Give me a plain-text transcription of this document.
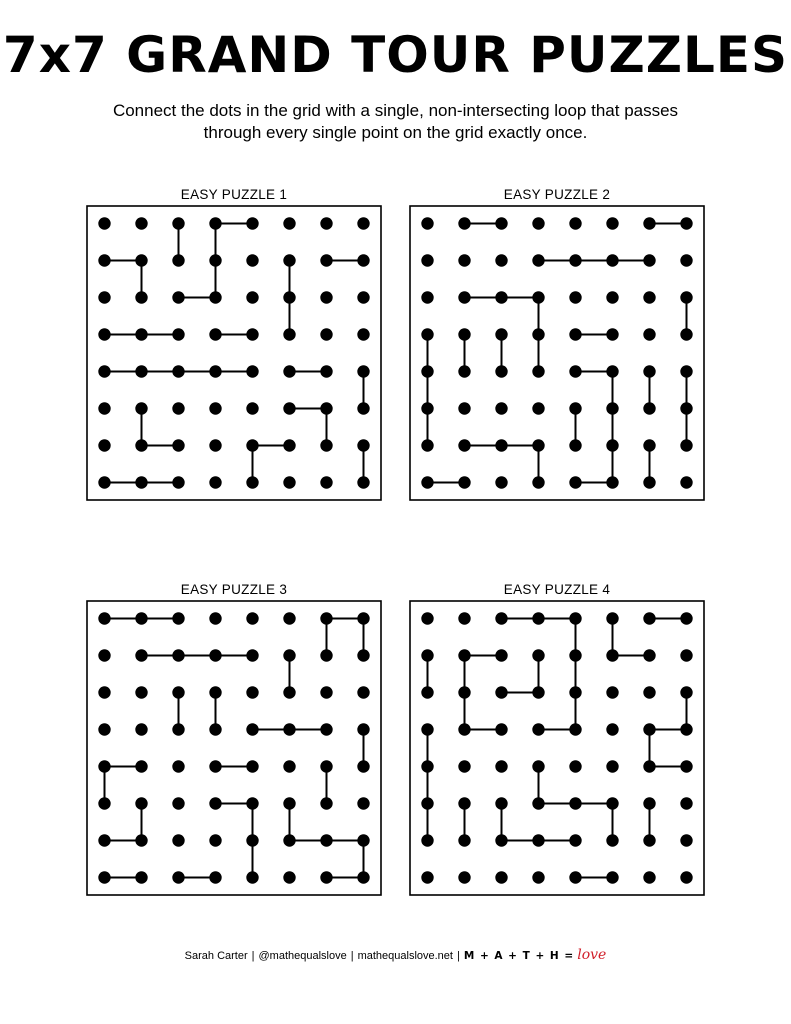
7x7 GRAND TOUR PUZZLES

Connect the dots in the grid with a single, non-intersecting loop that passes through every single point on the grid exactly once.

EASY PUZZLE 1	EASY PUZZLE 2
EASY PUZZLE 3	EASY PUZZLE 4
Sarah Carter | @mathequalslove | mathequalslove.net | M + A + T + H = love
